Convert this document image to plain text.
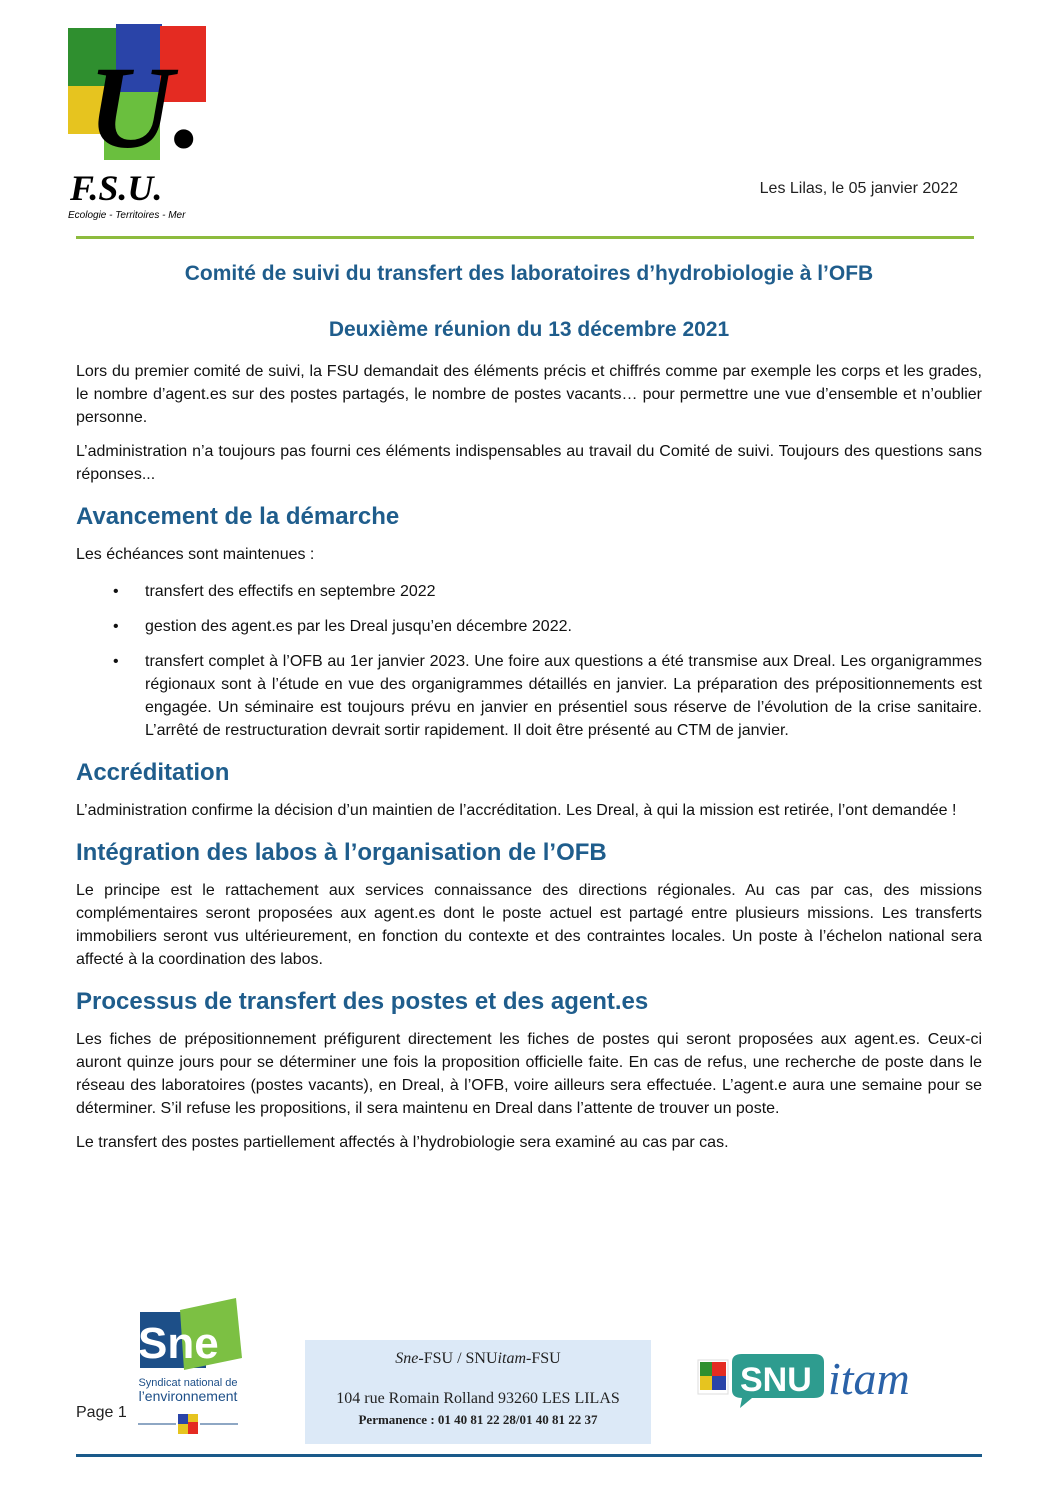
U.
F.S.U.
Ecologie - Territoires - Mer
Les Lilas, le 05 janvier 2022
Comité de suivi du transfert des laboratoires d’hydrobiologie à l’OFB
Deuxième réunion du 13 décembre 2021

Lors du premier comité de suivi, la FSU demandait des éléments précis et chiffrés comme par exemple les corps et les grades, le nombre d’agent.es sur des postes partagés, le nombre de postes vacants… pour permettre une vue d’ensemble et n’oublier personne.

L’administration n’a toujours pas fourni ces éléments indispensables au travail du Comité de suivi. Toujours des questions sans réponses...

Avancement de la démarche

Les échéances sont maintenues :

• transfert des effectifs en septembre 2022
• gestion des agent.es par les Dreal jusqu’en décembre 2022.
• transfert complet à l’OFB au 1er janvier 2023. Une foire aux questions a été transmise aux Dreal. Les organigrammes régionaux sont à l’étude en vue des organigrammes détaillés en janvier. La préparation des prépositionnements est engagée. Un séminaire est toujours prévu en janvier en présentiel sous réserve de l’évolution de la crise sanitaire. L’arrêté de restructuration devrait sortir rapidement. Il doit être présenté au CTM de janvier.
Accréditation

L’administration confirme la décision d’un maintien de l’accréditation. Les Dreal, à qui la mission est retirée, l’ont demandée !

Intégration des labos à l’organisation de l’OFB

Le principe est le rattachement aux services connaissance des directions régionales. Au cas par cas, des missions complémentaires seront proposées aux agent.es dont le poste actuel est partagé entre plusieurs missions. Les transferts immobiliers seront vus ultérieurement, en fonction du contexte et des contraintes locales. Un poste à l’échelon national sera affecté à la coordination des labos.

Processus de transfert des postes et des agent.es

Les fiches de prépositionnement préfigurent directement les fiches de postes qui seront proposées aux agent.es. Ceux-ci auront quinze jours pour se déterminer une fois la proposition officielle faite. En cas de refus, une recherche de poste dans le réseau des laboratoires (postes vacants), en Dreal, à l’OFB, voire ailleurs sera effectuée. L’agent.e aura une semaine pour se déterminer. S’il refuse les propositions, il sera maintenu en Dreal dans l’attente de trouver un poste.

Le transfert des postes partiellement affectés à l’hydrobiologie sera examiné au cas par cas.

Sne
Syndicat national de
l’environnement
Page 1
Sne-FSU / SNUitam-FSU
104 rue Romain Rolland 93260 LES LILAS
Permanence : 01 40 81 22 28/01 40 81 22 37
SNU itam
